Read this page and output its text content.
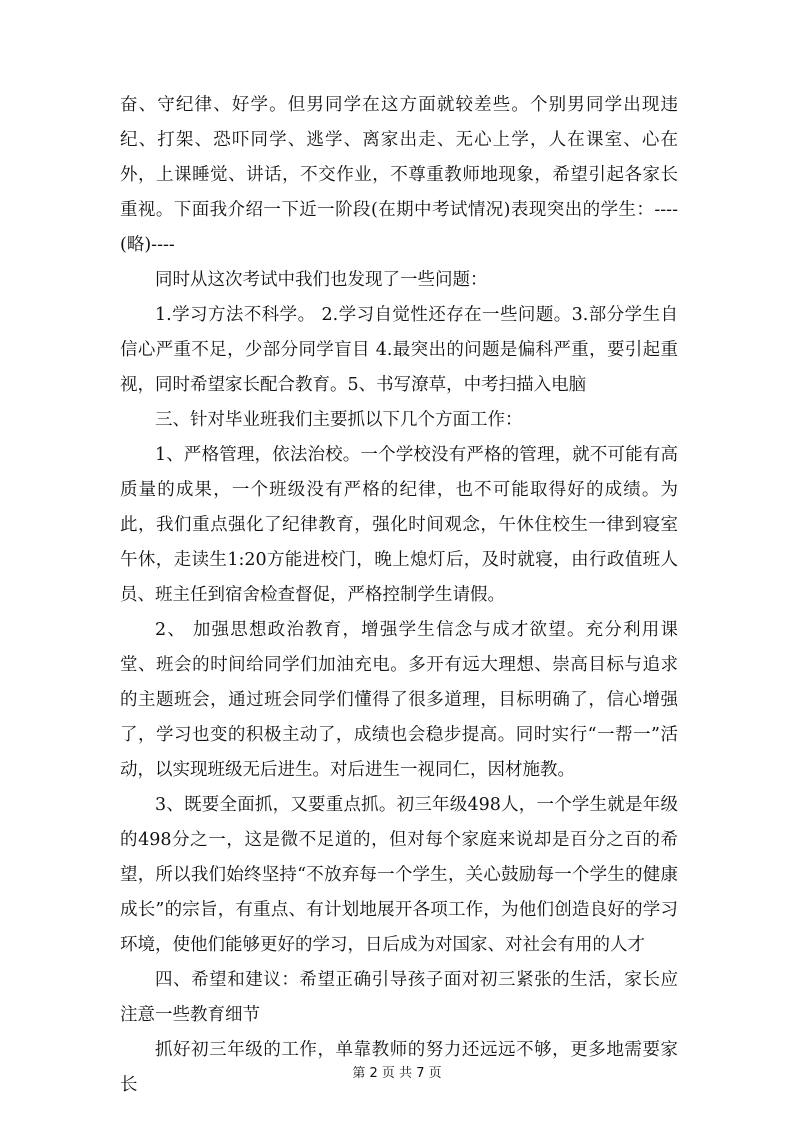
奋、守纪律、好学。但男同学在这方面就较差些。个别男同学出现违纪、打架、恐吓同学、逃学、离家出走、无心上学，人在课室、心在外，上课睡觉、讲话，不交作业，不尊重教师地现象，希望引起各家长重视。下面我介绍一下近一阶段(在期中考试情况)表现突出的学生：---- (略)----

同时从这次考试中我们也发现了一些问题：

1.学习方法不科学。 2.学习自觉性还存在一些问题。3.部分学生自信心严重不足，少部分同学盲目 4.最突出的问题是偏科严重，要引起重视，同时希望家长配合教育。5、书写潦草，中考扫描入电脑

三、针对毕业班我们主要抓以下几个方面工作：

1、严格管理，依法治校。一个学校没有严格的管理，就不可能有高质量的成果，一个班级没有严格的纪律，也不可能取得好的成绩。为此，我们重点强化了纪律教育，强化时间观念，午休住校生一律到寝室午休，走读生1:20方能进校门，晚上熄灯后，及时就寝，由行政值班人员、班主任到宿舍检查督促，严格控制学生请假。

2、 加强思想政治教育，增强学生信念与成才欲望。充分利用课堂、班会的时间给同学们加油充电。多开有远大理想、崇高目标与追求的主题班会，通过班会同学们懂得了很多道理，目标明确了，信心增强了，学习也变的积极主动了，成绩也会稳步提高。同时实行“一帮一”活动，以实现班级无后进生。对后进生一视同仁，因材施教。

3、既要全面抓，又要重点抓。初三年级498人，一个学生就是年级的498分之一，这是微不足道的，但对每个家庭来说却是百分之百的希望，所以我们始终坚持“不放弃每一个学生，关心鼓励每一个学生的健康成长”的宗旨，有重点、有计划地展开各项工作，为他们创造良好的学习环境，使他们能够更好的学习，日后成为对国家、对社会有用的人才

四、希望和建议：希望正确引导孩子面对初三紧张的生活，家长应注意一些教育细节

抓好初三年级的工作，单靠教师的努力还远远不够，更多地需要家长

第 2 页 共 7 页
